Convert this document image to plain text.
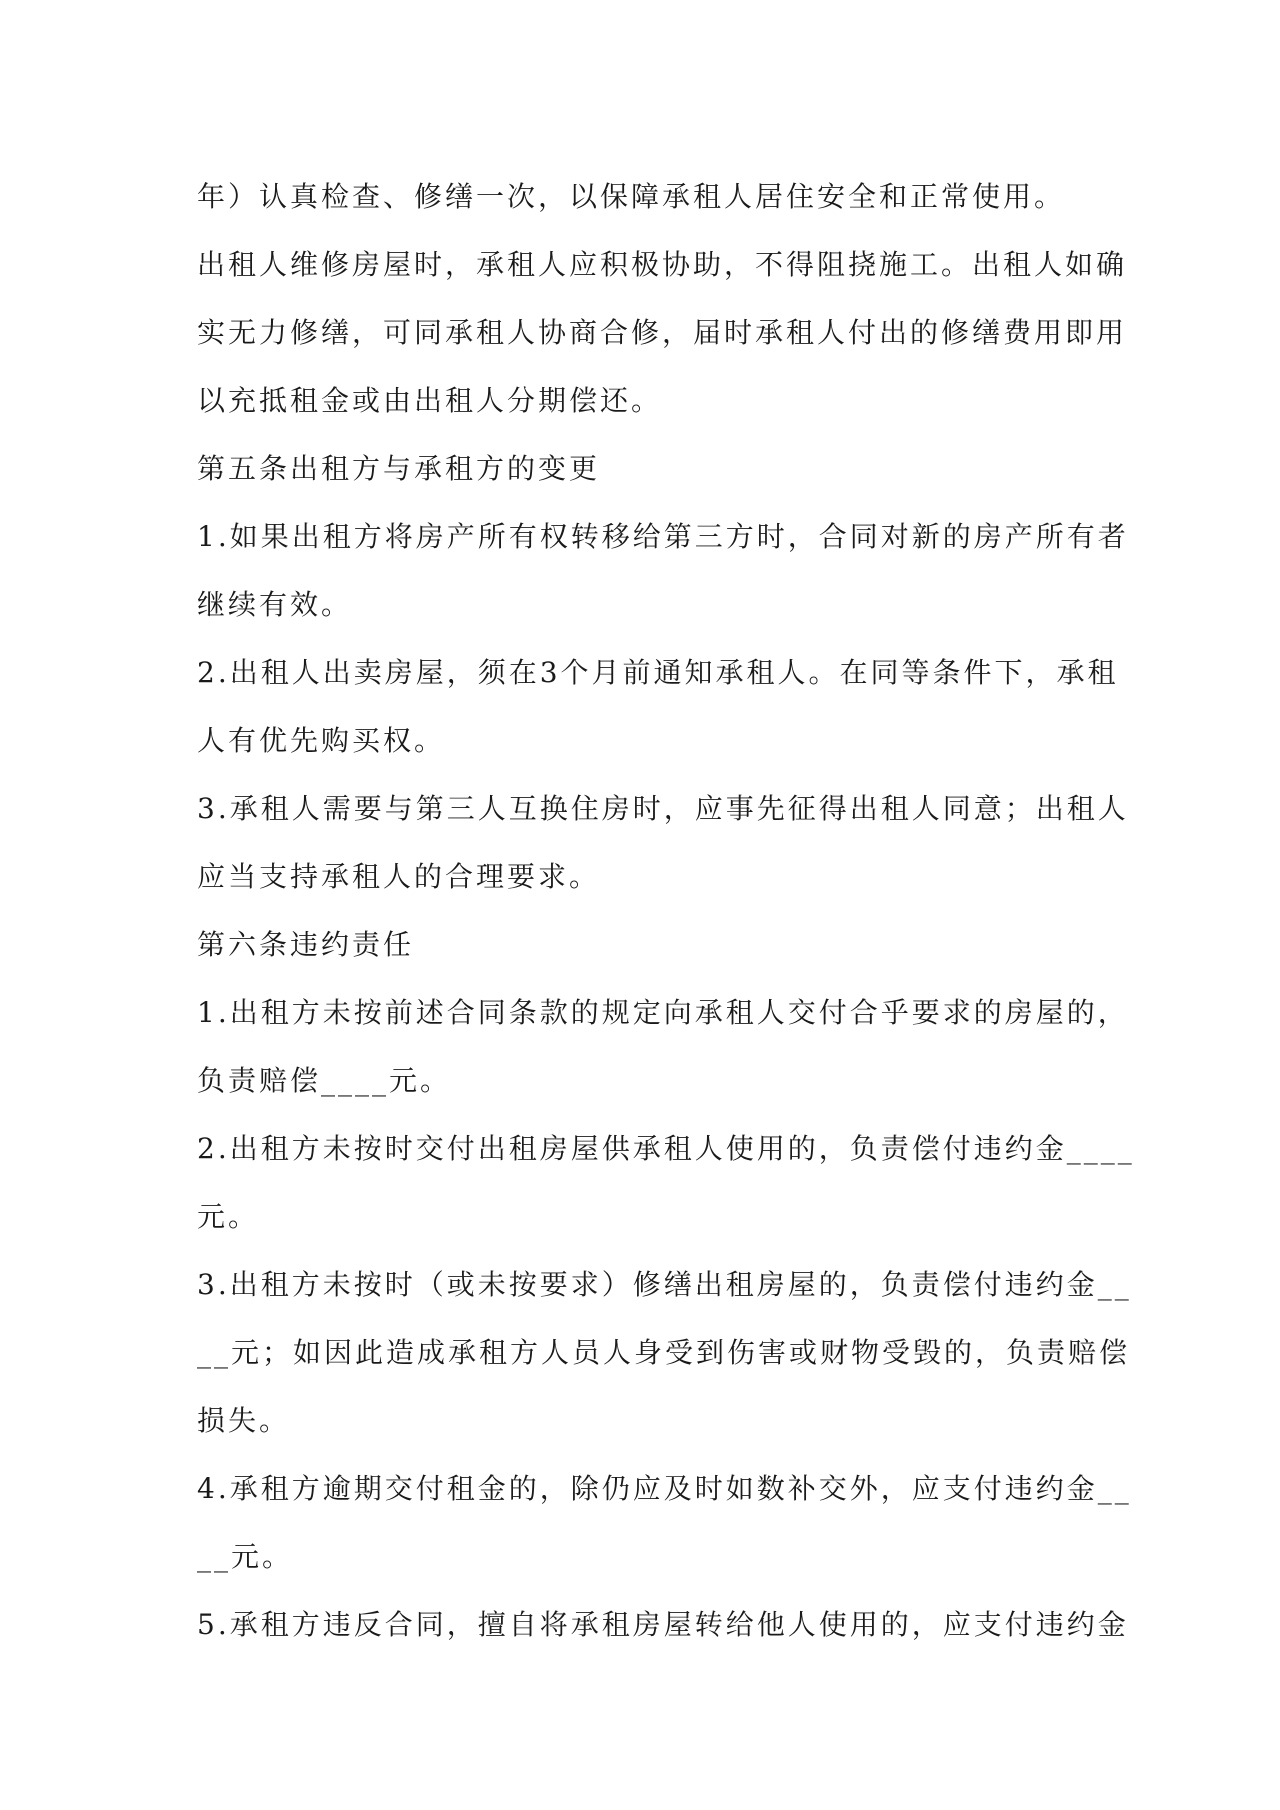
年）认真检查、修缮一次，以保障承租人居住安全和正常使用。
出租人维修房屋时，承租人应积极协助，不得阻挠施工。出租人如确
实无力修缮，可同承租人协商合修，届时承租人付出的修缮费用即用
以充抵租金或由出租人分期偿还。
第五条出租方与承租方的变更
1.如果出租方将房产所有权转移给第三方时，合同对新的房产所有者
继续有效。
2.出租人出卖房屋，须在3个月前通知承租人。在同等条件下，承租
人有优先购买权。
3.承租人需要与第三人互换住房时，应事先征得出租人同意；出租人
应当支持承租人的合理要求。
第六条违约责任
1.出租方未按前述合同条款的规定向承租人交付合乎要求的房屋的，
负责赔偿____元。
2.出租方未按时交付出租房屋供承租人使用的，负责偿付违约金____
元。
3.出租方未按时（或未按要求）修缮出租房屋的，负责偿付违约金__
__元；如因此造成承租方人员人身受到伤害或财物受毁的，负责赔偿
损失。
4.承租方逾期交付租金的，除仍应及时如数补交外，应支付违约金__
__元。
5.承租方违反合同，擅自将承租房屋转给他人使用的，应支付违约金
